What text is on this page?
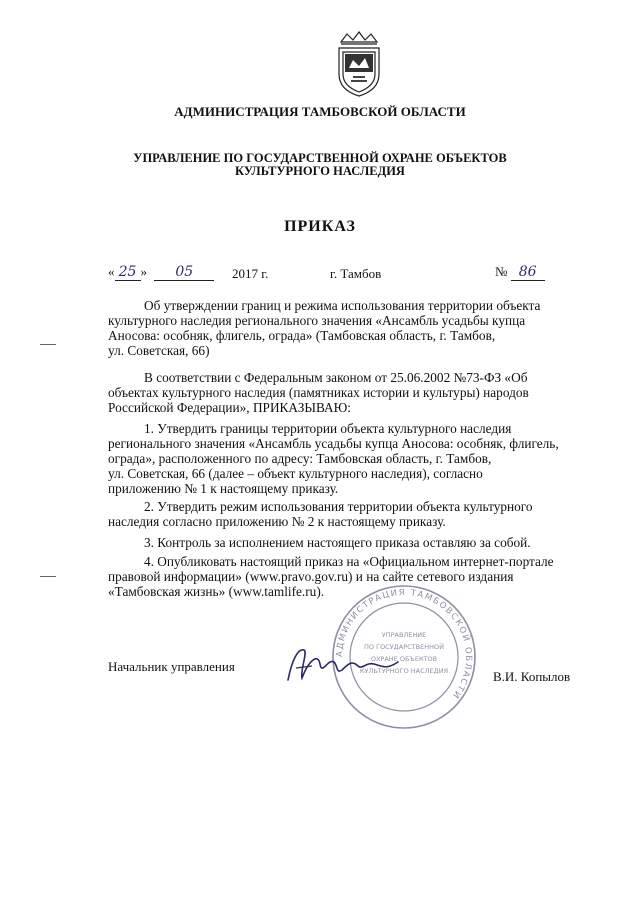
АДМИНИСТРАЦИЯ ТАМБОВСКОЙ ОБЛАСТИ
УПРАВЛЕНИЕ ПО ГОСУДАРСТВЕННОЙ ОХРАНЕ ОБЪЕКТОВ
КУЛЬТУРНОГО НАСЛЕДИЯ
ПРИКАЗ
« 25 » 05	2017 г.	г. Тамбов	№ 86
Об утверждении границ и режима использования территории объекта
культурного наследия регионального значения «Ансамбль усадьбы купца
Аносова: особняк, флигель, ограда» (Тамбовская область, г. Тамбов,
ул. Советская, 66)
В соответствии с Федеральным законом от 25.06.2002 №73-ФЗ «Об
объектах культурного наследия (памятниках истории и культуры) народов
Российской Федерации», ПРИКАЗЫВАЮ:
1. Утвердить границы территории объекта культурного наследия
регионального значения «Ансамбль усадьбы купца Аносова: особняк, флигель,
ограда», расположенного по адресу: Тамбовская область, г. Тамбов,
ул. Советская, 66 (далее – объект культурного наследия), согласно
приложению № 1 к настоящему приказу.
2. Утвердить режим использования территории объекта культурного
наследия согласно приложению № 2 к настоящему приказу.
3. Контроль за исполнением настоящего приказа оставляю за собой.
4. Опубликовать настоящий приказ на «Официальном интернет-портале
правовой информации» (www.pravo.gov.ru) и на сайте сетевого издания
«Тамбовская жизнь» (www.tamlife.ru).
АДМИНИСТРАЦИЯ ТАМБОВСКОЙ ОБЛАСТИ
УПРАВЛЕНИЕ
ПО ГОСУДАРСТВЕННОЙ
ОХРАНЕ ОБЪЕКТОВ
КУЛЬТУРНОГО НАСЛЕДИЯ
Начальник управления
В.И. Копылов
